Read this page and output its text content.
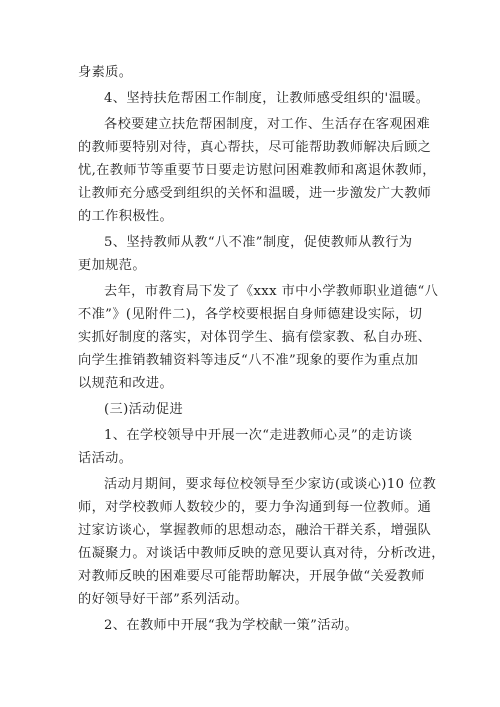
身素质。
4、坚持扶危帮困工作制度，让教师感受组织的'温暖。
各校要建立扶危帮困制度，对工作、生活存在客观困难
的教师要特别对待，真心帮扶，尽可能帮助教师解决后顾之
忧,在教师节等重要节日要走访慰问困难教师和离退休教师，
让教师充分感受到组织的关怀和温暖，进一步激发广大教师
的工作积极性。
5、坚持教师从教“八不准”制度，促使教师从教行为
更加规范。
去年，市教育局下发了《xxx 市中小学教师职业道德“八
不准”》(见附件二)，各学校要根据自身师德建设实际，切
实抓好制度的落实，对体罚学生、搞有偿家教、私自办班、
向学生推销教辅资料等违反“八不准”现象的要作为重点加
以规范和改进。
(三)活动促进
1、在学校领导中开展一次“走进教师心灵”的走访谈
话活动。
活动月期间，要求每位校领导至少家访(或谈心)10 位教
师，对学校教师人数较少的，要力争沟通到每一位教师。通
过家访谈心，掌握教师的思想动态，融洽干群关系，增强队
伍凝聚力。对谈话中教师反映的意见要认真对待，分析改进，
对教师反映的困难要尽可能帮助解决，开展争做“关爱教师
的好领导好干部”系列活动。
2、在教师中开展“我为学校献一策”活动。
